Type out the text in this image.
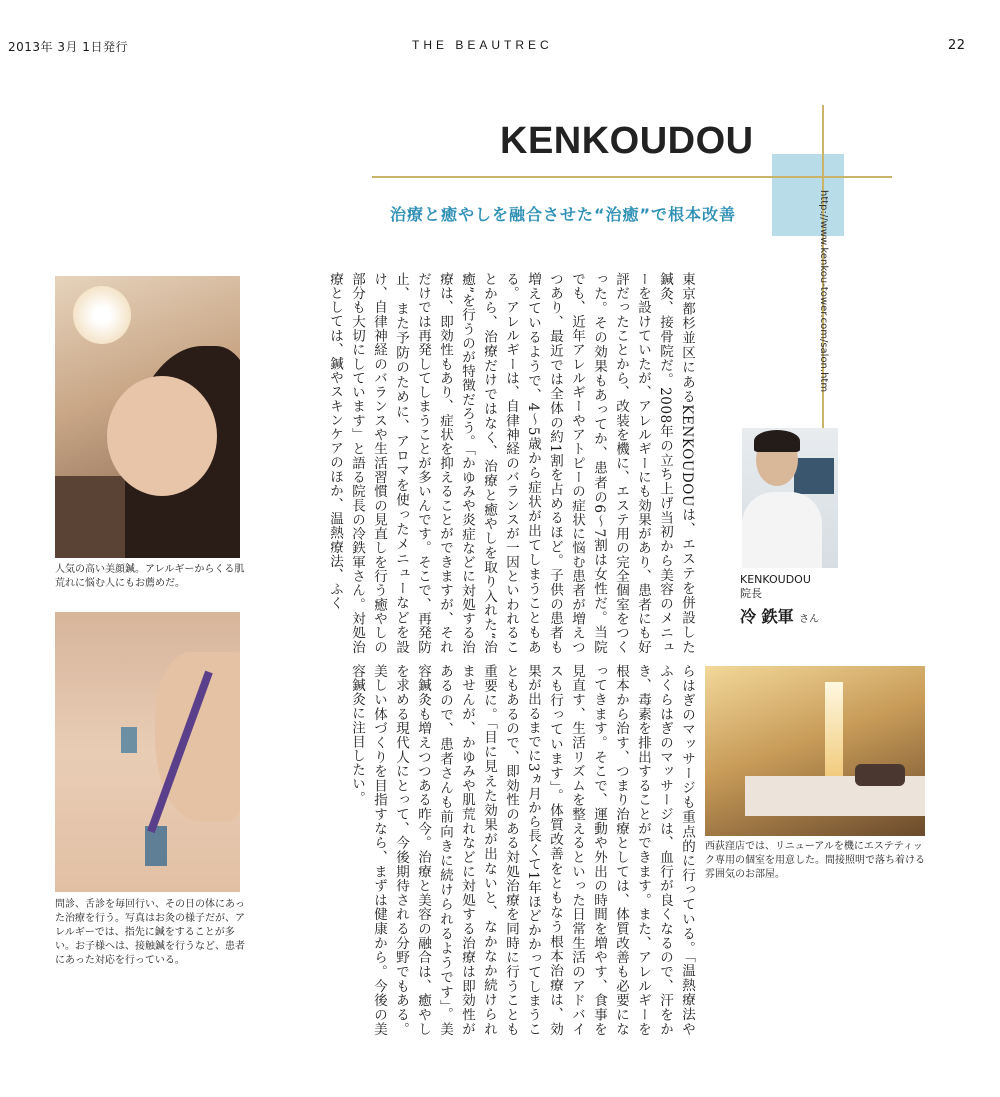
2013年 3月 1日発行	THE BEAUTREC	22
KENKOUDOU
治療と癒やしを融合させた“治癒”で根本改善	http://www.kenkou-tower.com/salon.htm
人気の高い美顔鍼。アレルギーからくる肌荒れに悩む人にもお薦めだ。
問診、舌診を毎回行い、その日の体にあった治療を行う。写真はお灸の様子だが、アレルギーでは、指先に鍼をすることが多い。お子様へは、接触鍼を行うなど、患者にあった対応を行っている。
KENKOUDOU
院長
冷 鉄軍 さん
西荻窪店では、リニューアルを機にエステティック専用の個室を用意した。間接照明で落ち着ける雰囲気のお部屋。
東京都杉並区にあるKENKOUDOUは、エステを併設した鍼灸、接骨院だ。2008年の立ち上げ当初から美容のメニューを設けていたが、アレルギーにも効果があり、患者にも好評だったことから、改装を機に、エステ用の完全個室をつくった。その効果もあってか、患者の6〜7割は女性だ。当院でも、近年アレルギーやアトピーの症状に悩む患者が増えつつあり、最近では全体の約1割を占めるほど。子供の患者も増えているようで、4〜5歳から症状が出てしまうこともある。アレルギーは、自律神経のバランスが一因といわれることから、治療だけではなく、治療と癒やしを取り入れた“治癒”を行うのが特徴だろう。「かゆみや炎症などに対処する治療は、即効性もあり、症状を抑えることができますが、それだけでは再発してしまうことが多いんです。そこで、再発防止、また予防のために、アロマを使ったメニューなどを設け、自律神経のバランスや生活習慣の見直しを行う癒やしの部分も大切にしています」と語る院長の冷鉄軍さん。対処治療としては、鍼やスキンケアのほか、温熱療法、ふく
らはぎのマッサージも重点的に行っている。「温熱療法やふくらはぎのマッサージは、血行が良くなるので、汗をかき、毒素を排出することができます。また、アレルギーを根本から治す、つまり治療としては、体質改善も必要になってきます。そこで、運動や外出の時間を増やす、食事を見直す、生活リズムを整えるといった日常生活のアドバイスも行っています」。体質改善をともなう根本治療は、効果が出るまでに3ヵ月から長くて1年ほどかかってしまうこともあるので、即効性のある対処治療を同時に行うことも重要に。「目に見えた効果が出ないと、なかなか続けられませんが、かゆみや肌荒れなどに対処する治療は即効性があるので、患者さんも前向きに続けられるようです」。美容鍼灸も増えつつある昨今。治療と美容の融合は、癒やしを求める現代人にとって、今後期待される分野でもある。美しい体づくりを目指すなら、まずは健康から。今後の美容鍼灸に注目したい。
